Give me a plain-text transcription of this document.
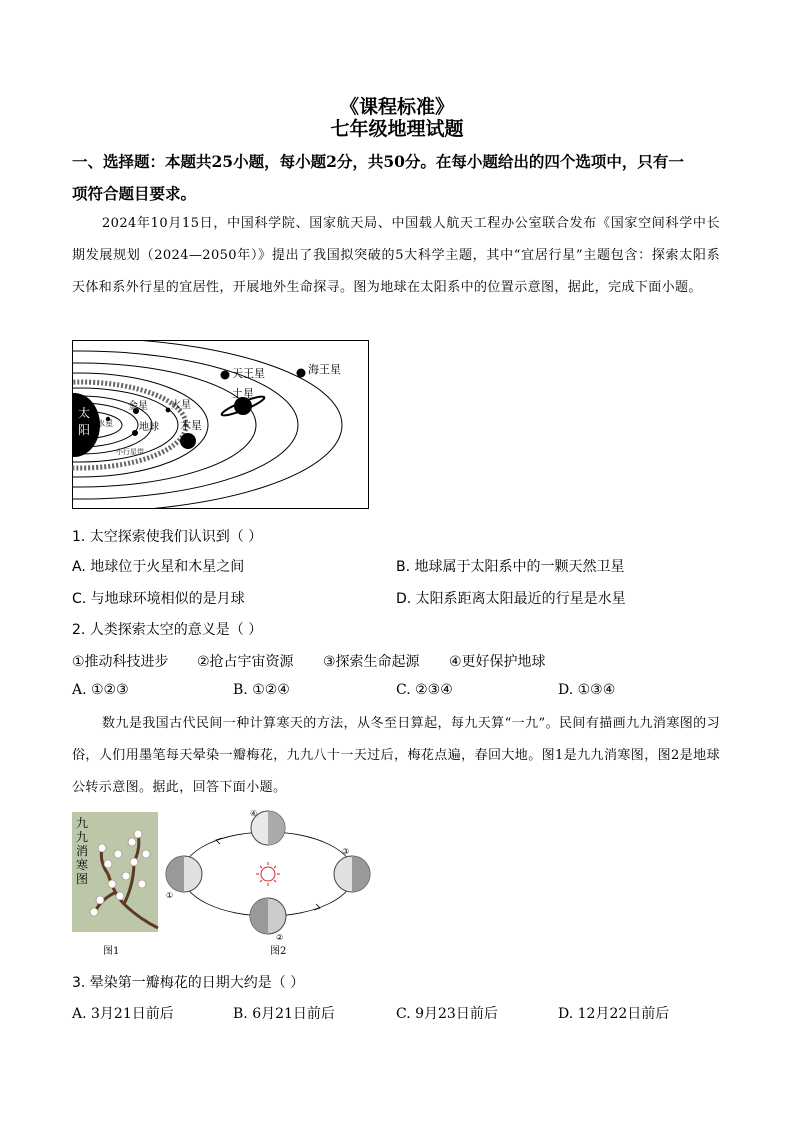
《课程标准》
七年级地理试题
一、选择题：本题共25小题，每小题2分，共50分。在每小题给出的四个选项中，只有一
项符合题目要求。
2024年10月15日，中国科学院、国家航天局、中国载人航天工程办公室联合发布《国家空间科学中长期发展规划（2024—2050年）》提出了我国拟突破的5大科学主题，其中“宜居行星”主题包含：探索太阳系天体和系外行星的宜居性，开展地外生命探寻。图为地球在太阳系中的位置示意图，据此，完成下面小题。
太
阳 水星
金星
地球
火星
小行星带
木星
土星
天王星	海王星
1. 太空探索使我们认识到（ ）
A. 地球位于火星和木星之间	B. 地球属于太阳系中的一颗天然卫星
C. 与地球环境相似的是月球	D. 太阳系距离太阳最近的行星是水星
2. 人类探索太空的意义是（ ）
①推动科技进步 ②抢占宇宙资源 ③探索生命起源 ④更好保护地球
A. ①②③	B. ①②④	C. ②③④	D. ①③④
数九是我国古代民间一种计算寒天的方法，从冬至日算起，每九天算“一九”。民间有描画九九消寒图的习俗，人们用墨笔每天晕染一瓣梅花，九九八十一天过后，梅花点遍，春回大地。图1是九九消寒图，图2是地球公转示意图。据此，回答下面小题。
九
九
消
寒
图
图1
④
①
③
②
图2
3. 晕染第一瓣梅花的日期大约是（ ）
A. 3月21日前后	B. 6月21日前后	C. 9月23日前后	D. 12月22日前后
